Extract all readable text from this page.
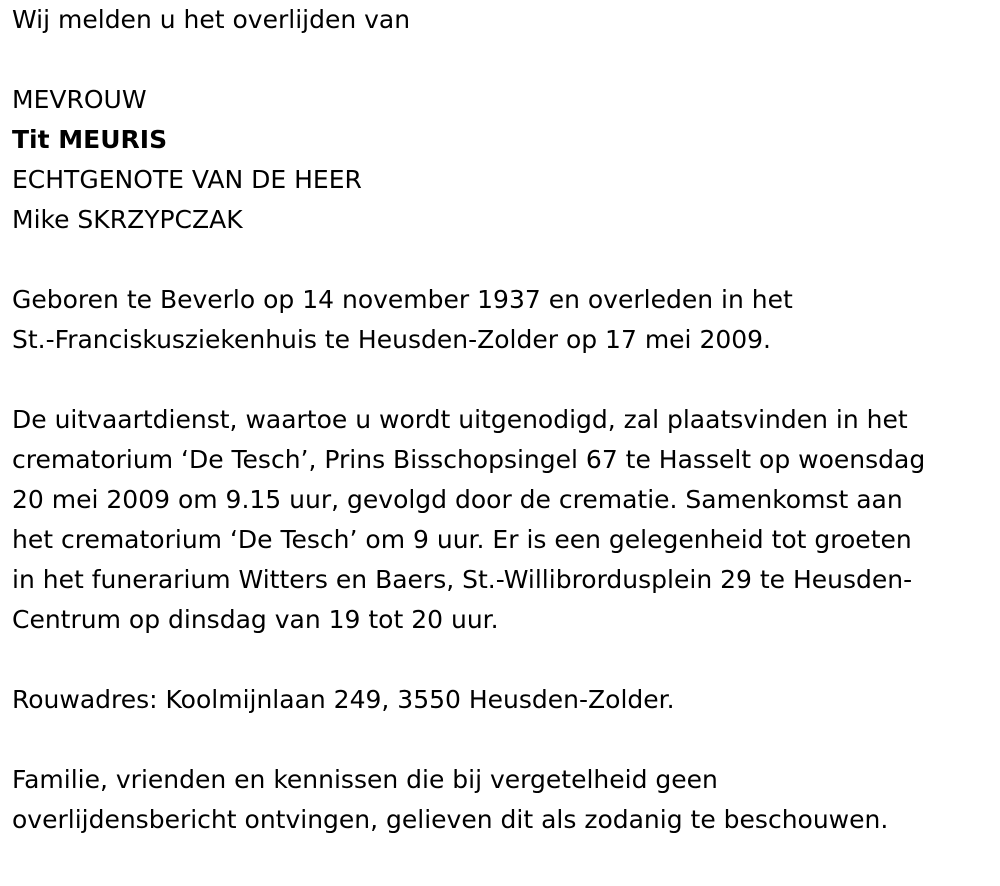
Wij melden u het overlijden van

MEVROUW

Tit MEURIS

ECHTGENOTE VAN DE HEER

Mike SKRZYPCZAK

Geboren te Beverlo op 14 november 1937 en overleden in het

St.-Franciskusziekenhuis te Heusden-Zolder op 17 mei 2009.

De uitvaartdienst, waartoe u wordt uitgenodigd, zal plaatsvinden in het

crematorium ‘De Tesch’, Prins Bisschopsingel 67 te Hasselt op woensdag

20 mei 2009 om 9.15 uur, gevolgd door de crematie. Samenkomst aan

het crematorium ‘De Tesch’ om 9 uur. Er is een gelegenheid tot groeten

in het funerarium Witters en Baers, St.-Willibrordusplein 29 te Heusden-

Centrum op dinsdag van 19 tot 20 uur.

Rouwadres: Koolmijnlaan 249, 3550 Heusden-Zolder.

Familie, vrienden en kennissen die bij vergetelheid geen

overlijdensbericht ontvingen, gelieven dit als zodanig te beschouwen.
